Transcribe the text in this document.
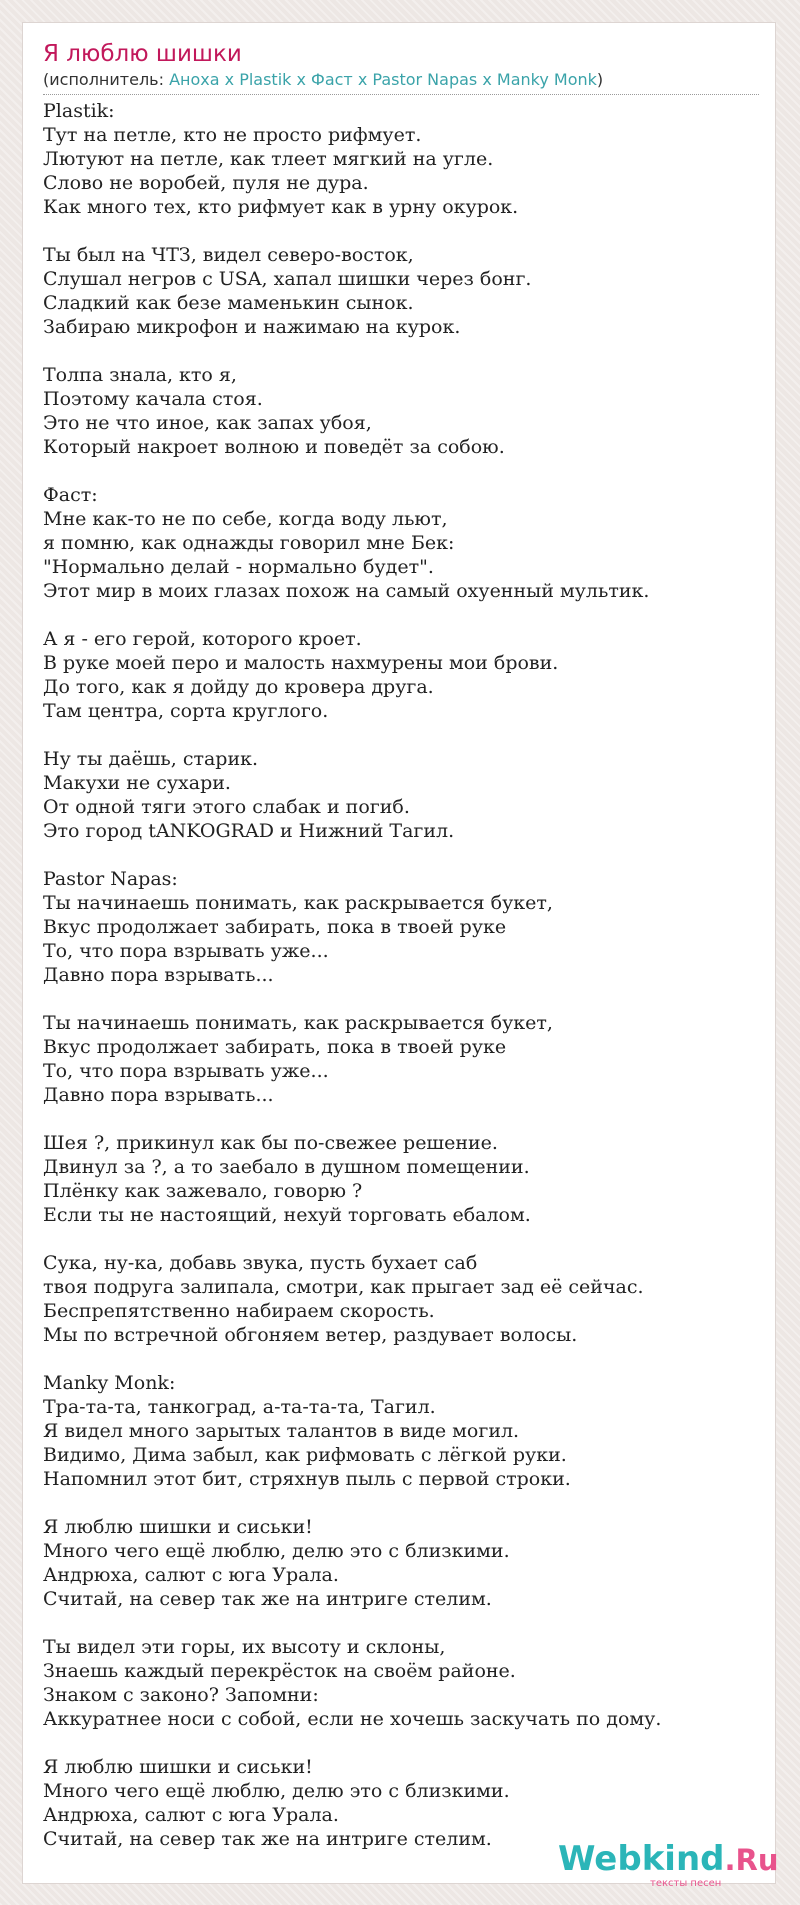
Я люблю шишки
(исполнитель: Аноха x Plastik x Фаст x Pastor Napas x Manky Monk)
Plastik:
Тут на петле, кто не просто рифмует.
Лютуют на петле, как тлеет мягкий на угле.
Слово не воробей, пуля не дура.
Как много тех, кто рифмует как в урну окурок.
Ты был на ЧТЗ, видел северо-восток,
Слушал негров с USA, хапал шишки через бонг.
Сладкий как безе маменькин сынок.
Забираю микрофон и нажимаю на курок.
Толпа знала, кто я,
Поэтому качала стоя.
Это не что иное, как запах убоя,
Который накроет волною и поведёт за собою.
Фаст:
Мне как-то не по себе, когда воду льют,
я помню, как однажды говорил мне Бек:
"Нормально делай - нормально будет".
Этот мир в моих глазах похож на самый охуенный мультик.
А я - его герой, которого кроет.
В руке моей перо и малость нахмурены мои брови.
До того, как я дойду до кровера друга.
Там центра, сорта круглого.
Ну ты даёшь, старик.
Макухи не сухари.
От одной тяги этого слабак и погиб.
Это город tANKOGRAD и Нижний Тагил.
Pastor Napas:
Ты начинаешь понимать, как раскрывается букет,
Вкус продолжает забирать, пока в твоей руке
То, что пора взрывать уже...
Давно пора взрывать...
Ты начинаешь понимать, как раскрывается букет,
Вкус продолжает забирать, пока в твоей руке
То, что пора взрывать уже...
Давно пора взрывать...
Шея ?, прикинул как бы по-свежее решение.
Двинул за ?, а то заебало в душном помещении.
Плёнку как зажевало, говорю ?
Если ты не настоящий, нехуй торговать ебалом.
Сука, ну-ка, добавь звука, пусть бухает саб
твоя подруга залипала, смотри, как прыгает зад её сейчас.
Беспрепятственно набираем скорость.
Мы по встречной обгоняем ветер, раздувает волосы.
Manky Monk:
Тра-та-та, танкоград, а-та-та-та, Тагил.
Я видел много зарытых талантов в виде могил.
Видимо, Дима забыл, как рифмовать с лёгкой руки.
Напомнил этот бит, стряхнув пыль с первой строки.
Я люблю шишки и сиськи!
Много чего ещё люблю, делю это с близкими.
Андрюха, салют с юга Урала.
Считай, на север так же на интриге стелим.
Ты видел эти горы, их высоту и склоны,
Знаешь каждый перекрёсток на своём районе.
Знаком с законо? Запомни:
Аккуратнее носи с собой, если не хочешь заскучать по дому.
Я люблю шишки и сиськи!
Много чего ещё люблю, делю это с близкими.
Андрюха, салют с юга Урала.
Считай, на север так же на интриге стелим.	Webkind.Ru
тексты песен
